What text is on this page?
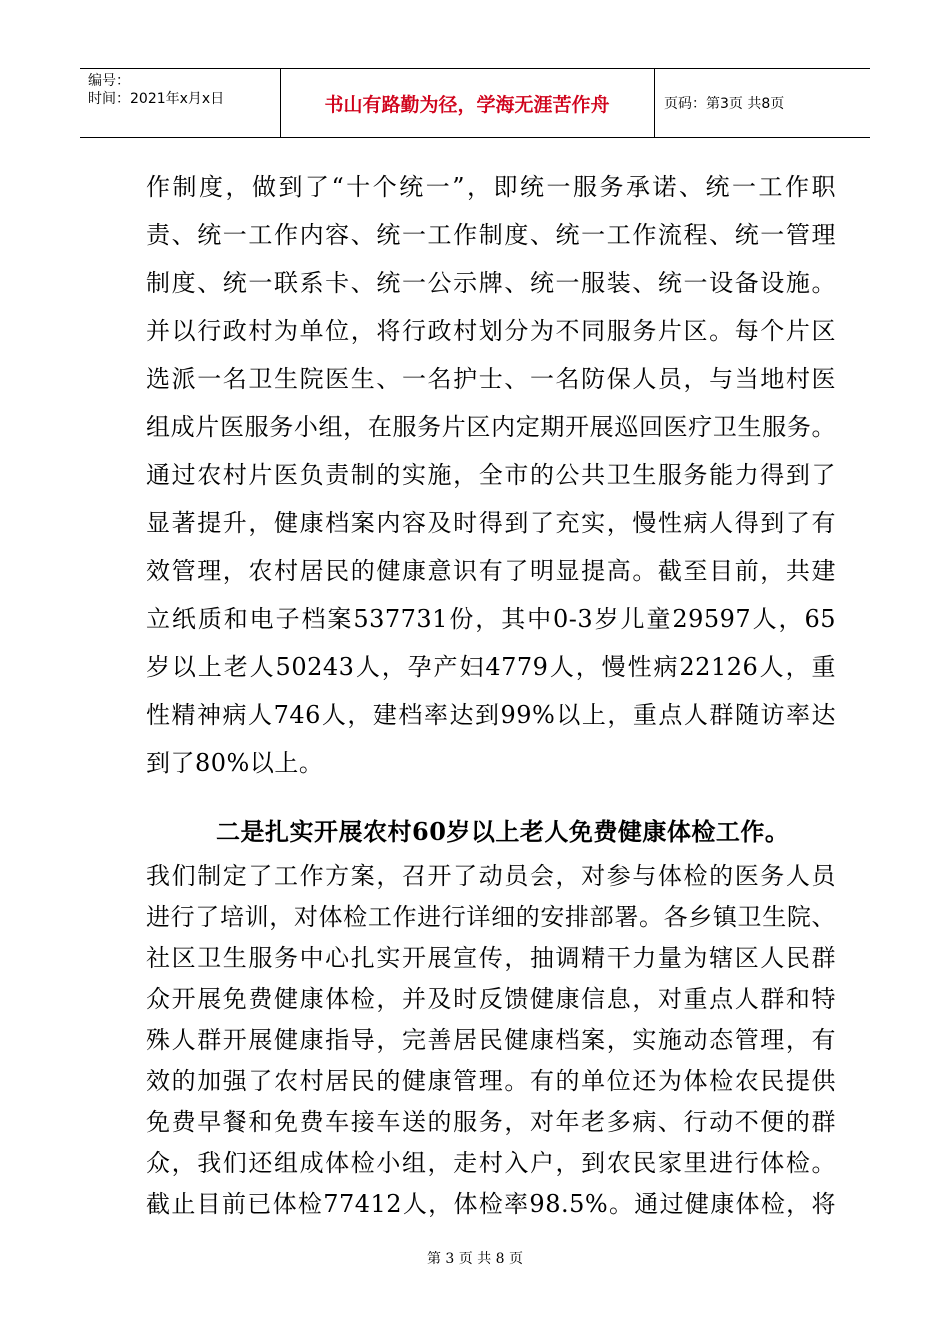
编号：
时间：2021年x月x日	书山有路勤为径，学海无涯苦作舟	页码：第3页 共8页
作制度，做到了“十个统一”，即统一服务承诺、统一工作职
责、统一工作内容、统一工作制度、统一工作流程、统一管理
制度、统一联系卡、统一公示牌、统一服装、统一设备设施。
并以行政村为单位，将行政村划分为不同服务片区。每个片区
选派一名卫生院医生、一名护士、一名防保人员，与当地村医
组成片医服务小组，在服务片区内定期开展巡回医疗卫生服务。
通过农村片医负责制的实施，全市的公共卫生服务能力得到了
显著提升，健康档案内容及时得到了充实，慢性病人得到了有
效管理，农村居民的健康意识有了明显提高。截至目前，共建
立纸质和电子档案537731份，其中0-3岁儿童29597人，65
岁以上老人50243人，孕产妇4779人，慢性病22126人，重
性精神病人746人，建档率达到99%以上，重点人群随访率达
到了80%以上。
二是扎实开展农村60岁以上老人免费健康体检工作。
我们制定了工作方案，召开了动员会，对参与体检的医务人员
进行了培训，对体检工作进行详细的安排部署。各乡镇卫生院、
社区卫生服务中心扎实开展宣传，抽调精干力量为辖区人民群
众开展免费健康体检，并及时反馈健康信息，对重点人群和特
殊人群开展健康指导，完善居民健康档案，实施动态管理，有
效的加强了农村居民的健康管理。有的单位还为体检农民提供
免费早餐和免费车接车送的服务，对年老多病、行动不便的群
众，我们还组成体检小组，走村入户，到农民家里进行体检。
截止目前已体检77412人，体检率98.5%。通过健康体检，将
第 3 页 共 8 页
